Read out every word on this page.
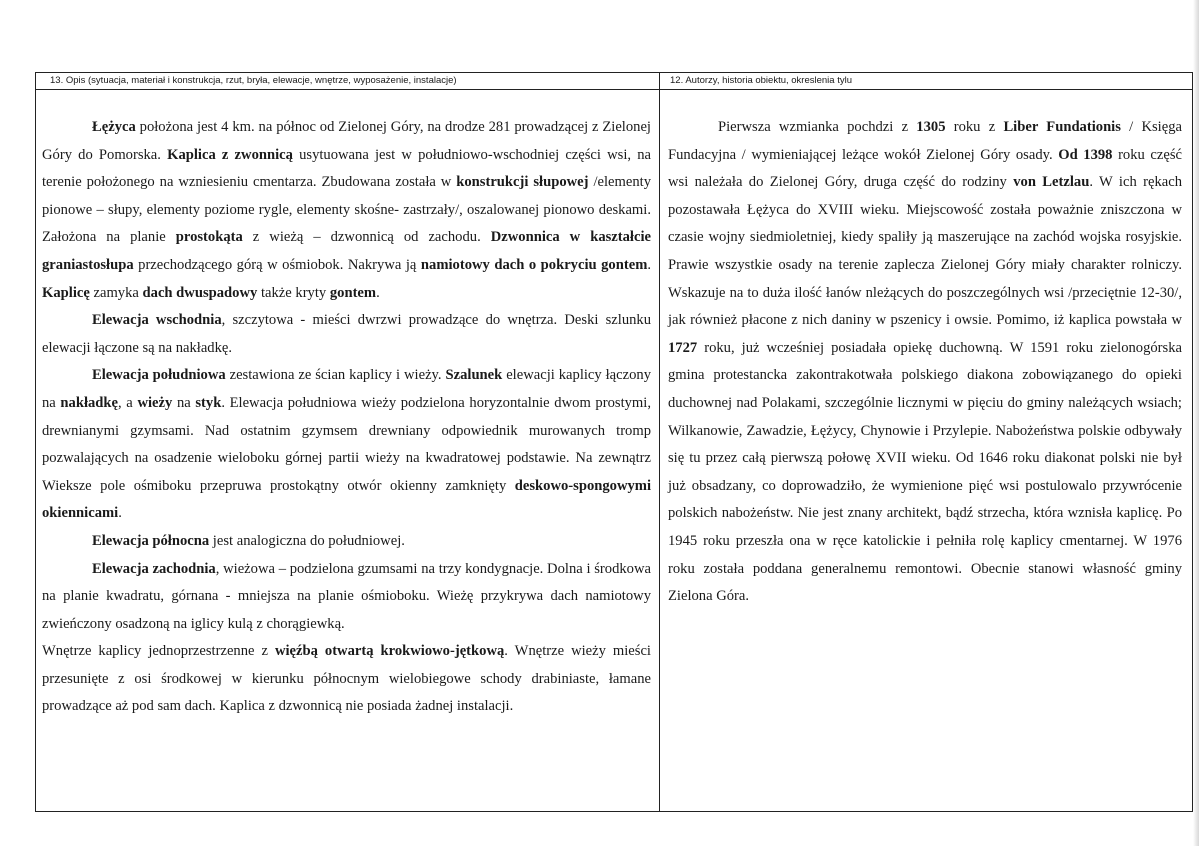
13. Opis (sytuacja, materiał i konstrukcja, rzut, bryła, elewacje, wnętrze, wyposażenie, instalacje)

Łężyca położona jest 4 km. na północ od Zielonej Góry, na drodze 281 prowadzącej z Zielonej Góry do Pomorska. Kaplica z zwonnicą usytuowana jest w południowo-wschodniej części wsi, na terenie położonego na wzniesieniu cmentarza. Zbudowana została w konstrukcji słupowej /elementy pionowe – słupy, elementy poziome rygle, elementy skośne- zastrzały/, oszalowanej pionowo deskami. Założona na planie prostokąta z wieżą – dzwonnicą od zachodu. Dzwonnica w kaształcie graniastosłupa przechodzącego górą w ośmiobok. Nakrywa ją namiotowy dach o pokryciu gontem. Kaplicę zamyka dach dwuspadowy także kryty gontem.

Elewacja wschodnia, szczytowa - mieści dwrzwi prowadzące do wnętrza. Deski szlunku elewacji łączone są na nakładkę.

Elewacja południowa zestawiona ze ścian kaplicy i wieży. Szalunek elewacji kaplicy łączony na nakładkę, a wieży na styk. Elewacja południowa wieży podzielona horyzontalnie dwom prostymi, drewnianymi gzymsami. Nad ostatnim gzymsem drewniany odpowiednik murowanych tromp pozwalających na osadzenie wieloboku górnej partii wieży na kwadratowej podstawie. Na zewnątrz Wieksze pole ośmiboku przepruwa prostokątny otwór okienny zamknięty deskowo-spongowymi okiennicami.

Elewacja północna jest analogiczna do południowej.

Elewacja zachodnia, wieżowa – podzielona gzumsami na trzy kondygnacje. Dolna i środkowa na planie kwadratu, górnana - mniejsza na planie ośmioboku. Wieżę przykrywa dach namiotowy zwieńczony osadzoną na iglicy kulą z chorągiewką.

Wnętrze kaplicy jednoprzestrzenne z więźbą otwartą krokwiowo-jętkową. Wnętrze wieży mieści przesunięte z osi środkowej w kierunku północnym wielobiegowe schody drabiniaste, łamane prowadzące aż pod sam dach. Kaplica z dzwonnicą nie posiada żadnej instalacji.

12. Autorzy, historia obiektu, okreslenia tylu

Pierwsza wzmianka pochdzi z 1305 roku z Liber Fundationis / Księga Fundacyjna / wymieniającej leżące wokół Zielonej Góry osady. Od 1398 roku część wsi należała do Zielonej Góry, druga część do rodziny von Letzlau. W ich rękach pozostawała Łężyca do XVIII wieku. Miejscowość została poważnie zniszczona w czasie wojny siedmioletniej, kiedy spaliły ją maszerujące na zachód wojska rosyjskie. Prawie wszystkie osady na terenie zaplecza Zielonej Góry miały charakter rolniczy. Wskazuje na to duża ilość łanów nleżących do poszczególnych wsi /przeciętnie 12-30/, jak również płacone z nich daniny w pszenicy i owsie. Pomimo, iż kaplica powstała w 1727 roku, już wcześniej posiadała opiekę duchowną. W 1591 roku zielonogórska gmina protestancka zakontrakotwała polskiego diakona zobowiązanego do opieki duchownej nad Polakami, szczególnie licznymi w pięciu do gminy należących wsiach; Wilkanowie, Zawadzie, Łężycy, Chynowie i Przylepie. Nabożeństwa polskie odbywały się tu przez całą pierwszą połowę XVII wieku. Od 1646 roku diakonat polski nie był już obsadzany, co doprowadziło, że wymienione pięć wsi postulowalo przywrócenie polskich nabożeństw. Nie jest znany architekt, bądź strzecha, która wznisła kaplicę. Po 1945 roku przeszła ona w ręce katolickie i pełniła rolę kaplicy cmentarnej. W 1976 roku została poddana generalnemu remontowi. Obecnie stanowi własność gminy Zielona Góra.
